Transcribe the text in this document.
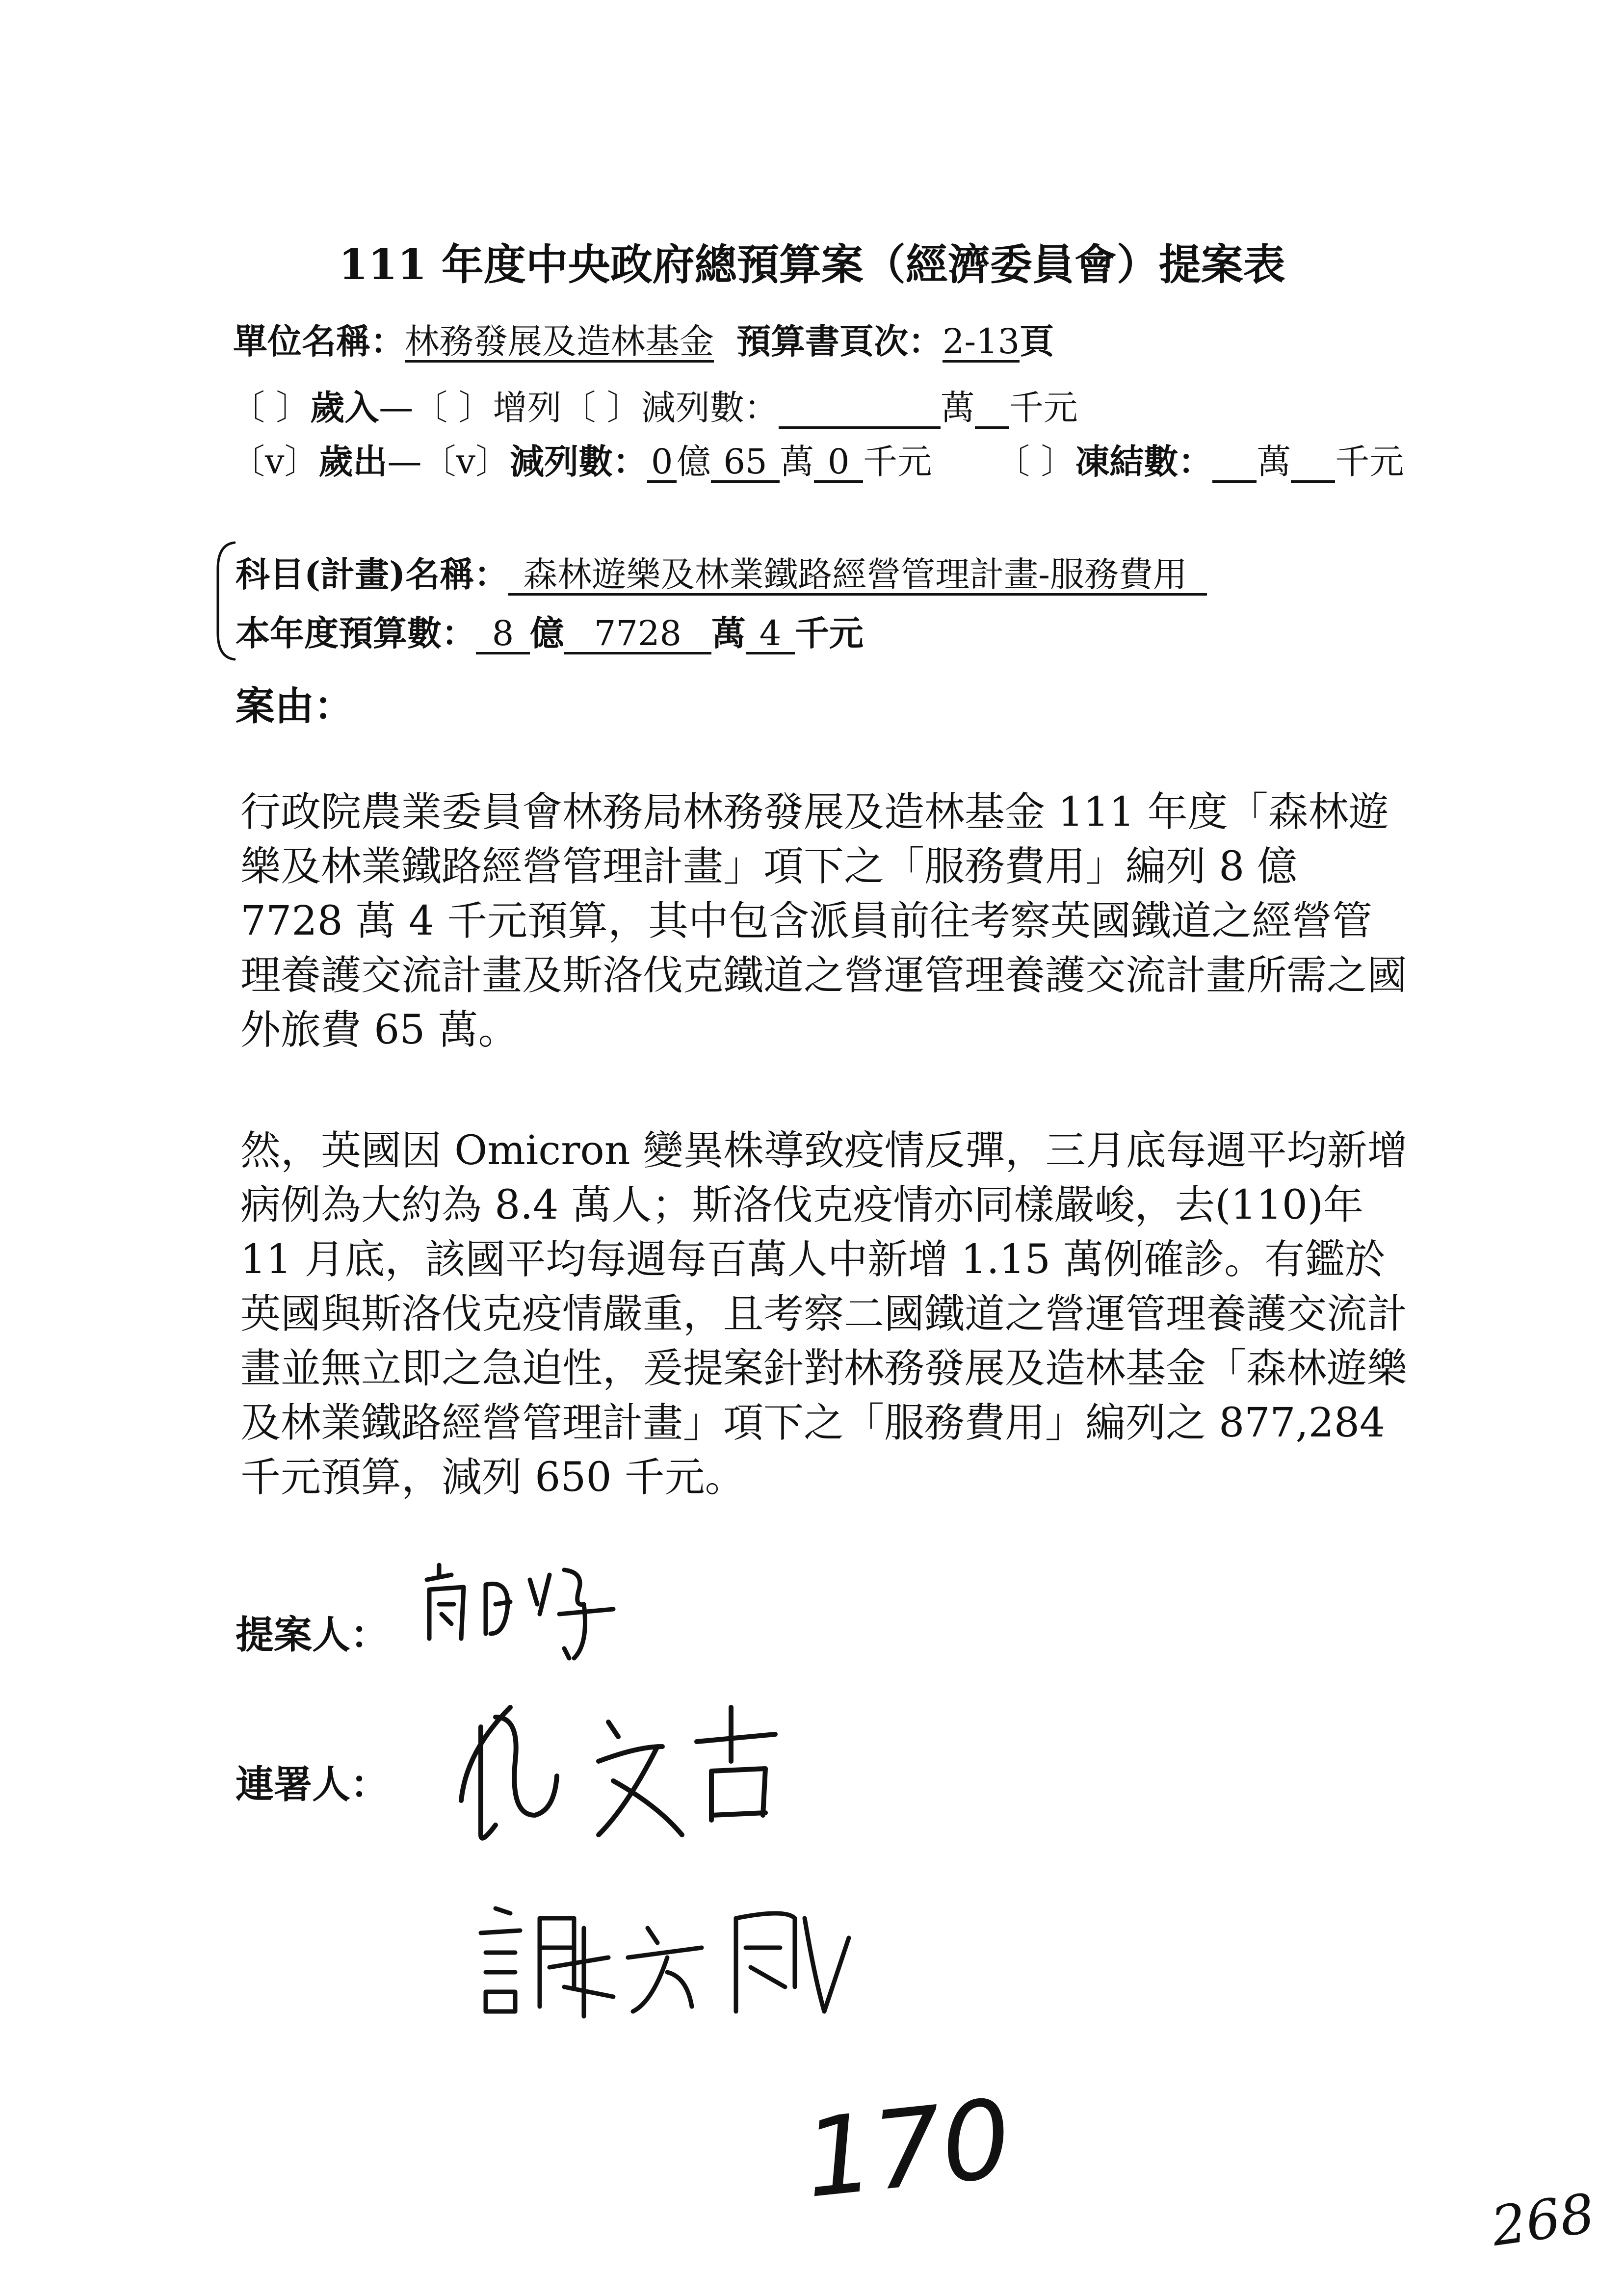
111 年度中央政府總預算案（經濟委員會）提案表
單位名稱：林務發展及造林基金 預算書頁次：2-13頁
〔 〕歲入—〔 〕增列〔 〕減列數：	萬 千元
〔v〕歲出—〔v〕減列數： 0 億 65 萬 0 千元 〔 〕凍結數： 萬 千元
科目(計畫)名稱： 森林遊樂及林業鐵路經營管理計畫-服務費用
本年度預算數： 8 億 7728 萬 4 千元
案由：
行政院農業委員會林務局林務發展及造林基金 111 年度「森林遊樂及林業鐵路經營管理計畫」項下之「服務費用」編列 8 億 7728 萬 4 千元預算，其中包含派員前往考察英國鐵道之經營管理養護交流計畫及斯洛伐克鐵道之營運管理養護交流計畫所需之國外旅費 65 萬。
然，英國因 Omicron 變異株導致疫情反彈，三月底每週平均新增病例為大約為 8.4 萬人；斯洛伐克疫情亦同樣嚴峻，去(110)年 11 月底，該國平均每週每百萬人中新增 1.15 萬例確診。有鑑於英國與斯洛伐克疫情嚴重，且考察二國鐵道之營運管理養護交流計畫並無立即之急迫性，爰提案針對林務發展及造林基金「森林遊樂及林業鐵路經營管理計畫」項下之「服務費用」編列之 877,284 千元預算，減列 650 千元。
提案人：
連署人：
170	268
